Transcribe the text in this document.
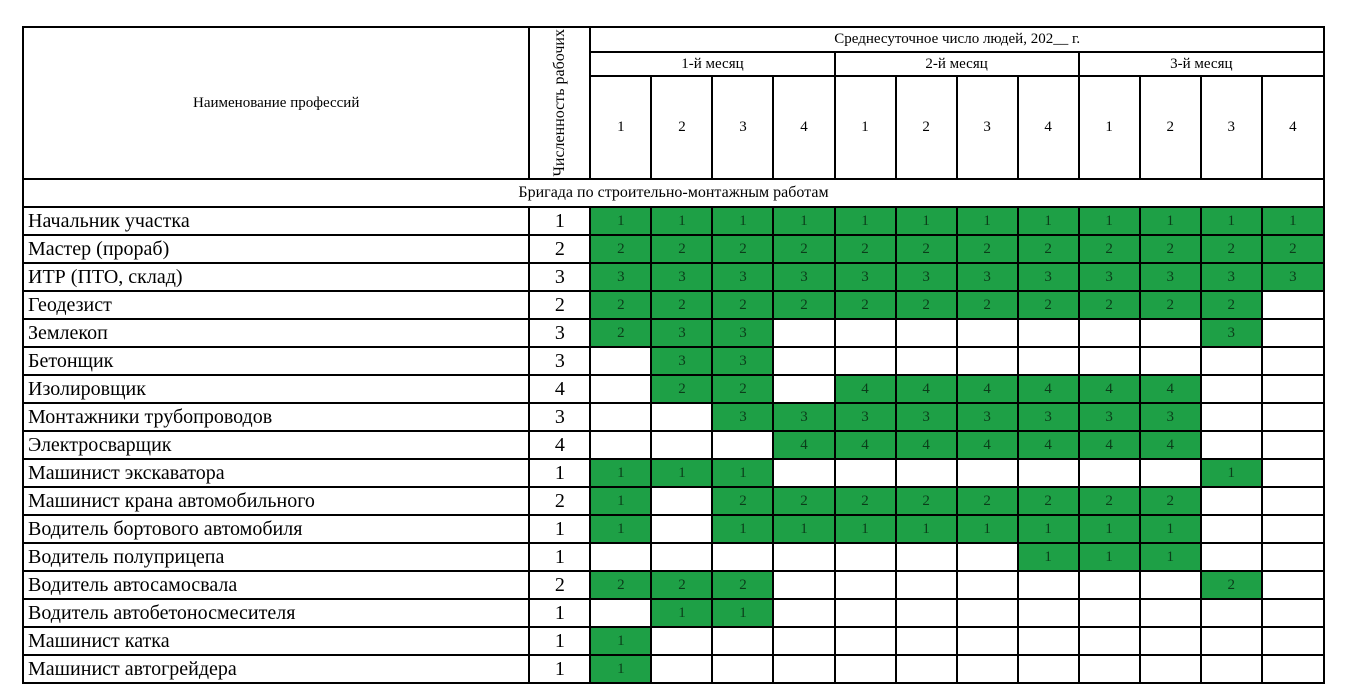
Наименование профессий	Численность рабочих	Среднесуточное число людей, 202__ г.											
		1-й месяц				2-й месяц				3-й месяц			
		1	2	3	4	1	2	3	4	1	2	3	4
Бригада по строительно-монтажным работам													
Начальник участка	1	1	1	1	1	1	1	1	1	1	1	1	1
Мастер (прораб)	2	2	2	2	2	2	2	2	2	2	2	2	2
ИТР (ПТО, склад)	3	3	3	3	3	3	3	3	3	3	3	3	3
Геодезист	2	2	2	2	2	2	2	2	2	2	2	2	
Землекоп	3	2	3	3								3	
Бетонщик	3		3	3									
Изолировщик	4		2	2		4	4	4	4	4	4		
Монтажники трубопроводов	3			3	3	3	3	3	3	3	3		
Электросварщик	4				4	4	4	4	4	4	4		
Машинист экскаватора	1	1	1	1								1	
Машинист крана автомобильного	2	1		2	2	2	2	2	2	2	2		
Водитель бортового автомобиля	1	1		1	1	1	1	1	1	1	1		
Водитель полуприцепа	1								1	1	1		
Водитель автосамосвала	2	2	2	2								2	
Водитель автобетоносмесителя	1		1	1									
Машинист катка	1	1											
Машинист автогрейдера	1	1											
